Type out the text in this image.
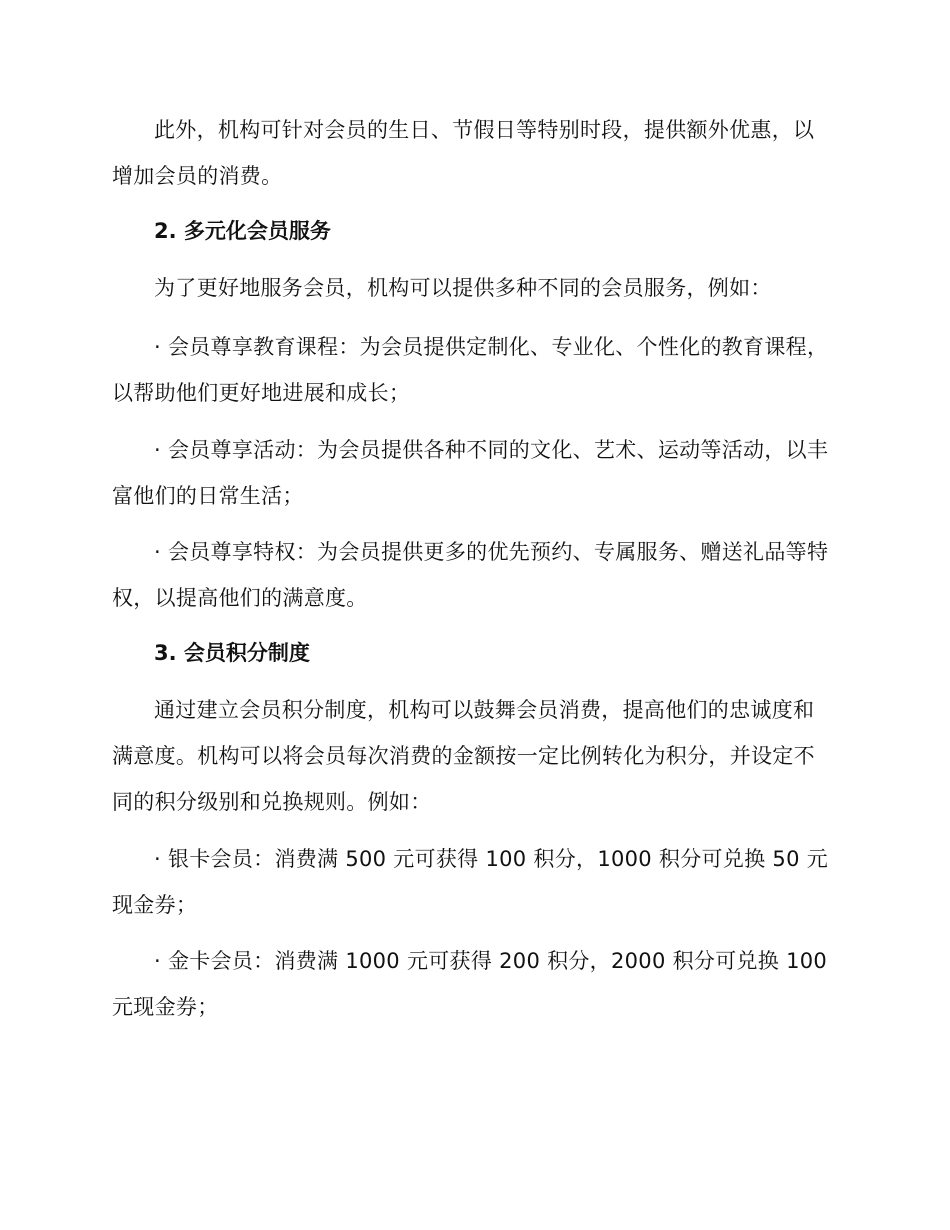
此外，机构可针对会员的生日、节假日等特别时段，提供额外优惠，以增加会员的消费。

2. 多元化会员服务

为了更好地服务会员，机构可以提供多种不同的会员服务，例如：

· 会员尊享教育课程：为会员提供定制化、专业化、个性化的教育课程，以帮助他们更好地进展和成长；

· 会员尊享活动：为会员提供各种不同的文化、艺术、运动等活动，以丰富他们的日常生活；

· 会员尊享特权：为会员提供更多的优先预约、专属服务、赠送礼品等特权，以提高他们的满意度。

3. 会员积分制度

通过建立会员积分制度，机构可以鼓舞会员消费，提高他们的忠诚度和满意度。机构可以将会员每次消费的金额按一定比例转化为积分，并设定不同的积分级别和兑换规则。例如：

· 银卡会员：消费满 500 元可获得 100 积分，1000 积分可兑换 50 元现金券；

· 金卡会员：消费满 1000 元可获得 200 积分，2000 积分可兑换 100 元现金券；
